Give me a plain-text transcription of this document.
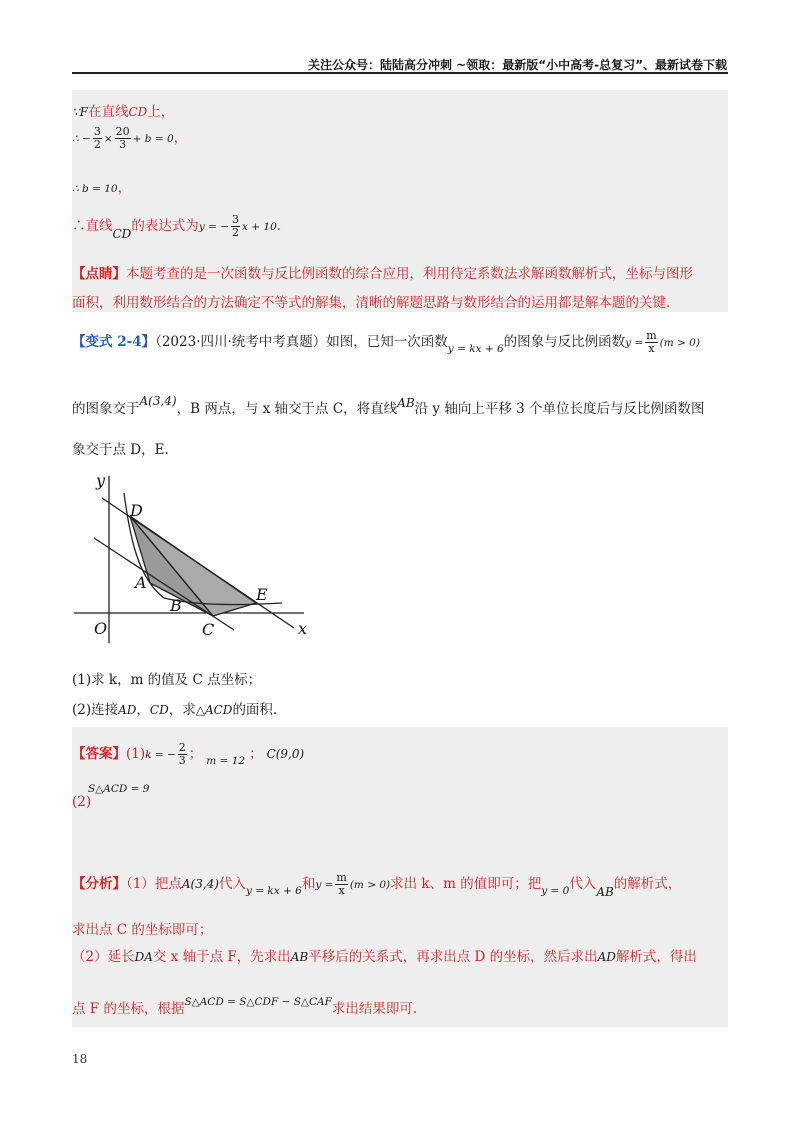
关注公众号：陆陆高分冲刺 ~领取：最新版“小中高考-总复习”、最新试卷下载
∵F在直线CD上，
∴ − $\frac{3}{2} \times \frac{20}{3} + b = 0$，
∴ b = 10，
∴直线CD的表达式为y = − $\frac{3}{2}$ x + 10．
【点睛】本题考查的是一次函数与反比例函数的综合应用，利用待定系数法求解函数解析式，坐标与图形
面积，利用数形结合的方法确定不等式的解集，清晰的解题思路与数形结合的运用都是解本题的关键.
【变式 2-4】（2023·四川·统考中考真题）如图，已知一次函数$_{y = kx + 6}$的图象与反比例函数$y = \frac{m}{x} (m > 0)$
的图象交于A(3,4)，B 两点，与 x 轴交于点 C，将直线AB沿 y 轴向上平移 3 个单位长度后与反比例函数图
象交于点 D，E.
y
x
O
D
A
B
C
E
(1)求 k，m 的值及 C 点坐标；
(2)连接AD，CD，求△ACD的面积.
【答案】(1)k = − $\frac{2}{3}$ ； $_{m = 12}$ ； C(9,0)
S△ACD = 9
(2)
【分析】（1）把点A(3,4)代入$_{y = kx + 6}$和$y = \frac{m}{x} (m > 0)$求出 k、m 的值即可；把$_{y = 0}$代入AB的解析式，
求出点 C 的坐标即可；
（2）延长DA交 x 轴于点 F，先求出AB平移后的关系式，再求出点 D 的坐标，然后求出AD解析式，得出
点 F 的坐标，根据$^{S\triangle ACD = S\triangle CDF - S\triangle CAF}$求出结果即可.
18
